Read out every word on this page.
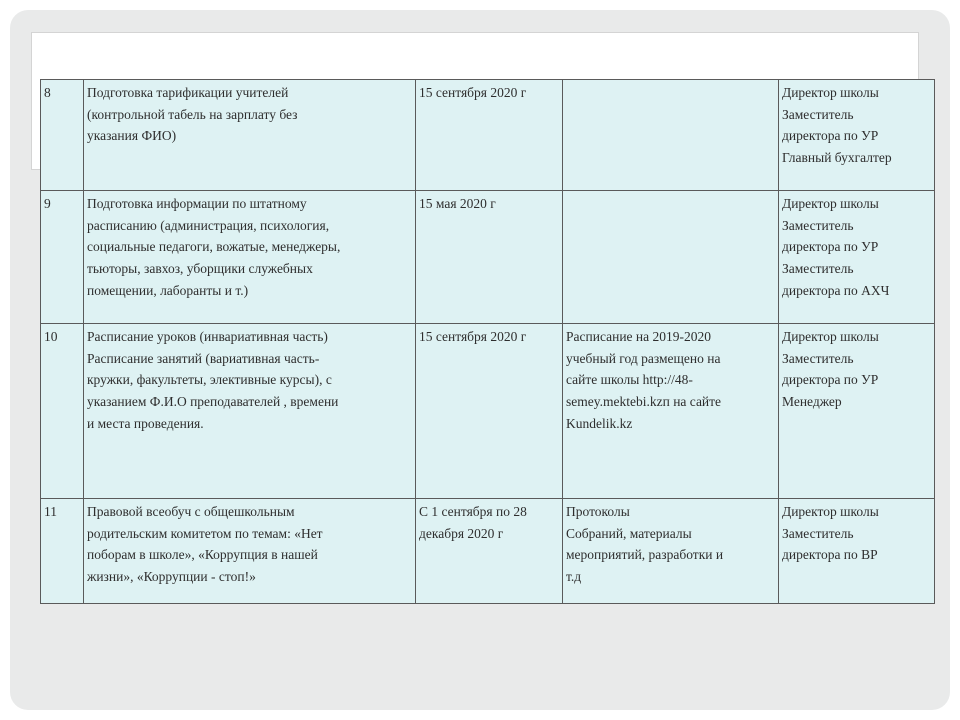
8	Подготовка тарификации учителей
(контрольной табель на зарплату без
указания ФИО)	15 сентября 2020 г		Директор школы
Заместитель
директора по УР
Главный бухгалтер

9	Подготовка информации по штатному
расписанию (администрация, психология,
социальные педагоги, вожатые, менеджеры,
тьюторы, завхоз, уборщики служебных
помещении, лаборанты и т.)	15 мая 2020 г		Директор школы
Заместитель
директора по УР
Заместитель
директора по АХЧ

10	Расписание уроков (инвариативная часть)
Расписание занятий (вариативная часть-
кружки, факультеты, элективные курсы), с
указанием Ф.И.О преподавателей , времени
и места проведения.	15 сентября 2020 г	Расписание на 2019-2020
учебный год размещено на
сайте школы http://48-
semey.mektebi.kzп на сайте
Kundelik.kz	Директор школы
Заместитель
директора по УР
Менеджер

11	Правовой всеобуч с общешкольным
родительским комитетом по темам: «Нет
поборам в школе», «Коррупция в нашей
жизни», «Коррупции - стоп!»	С 1 сентября по 28
декабря 2020 г	Протоколы
Собраний, материалы
мероприятий, разработки и
т.д	Директор школы
Заместитель
директора по ВР
